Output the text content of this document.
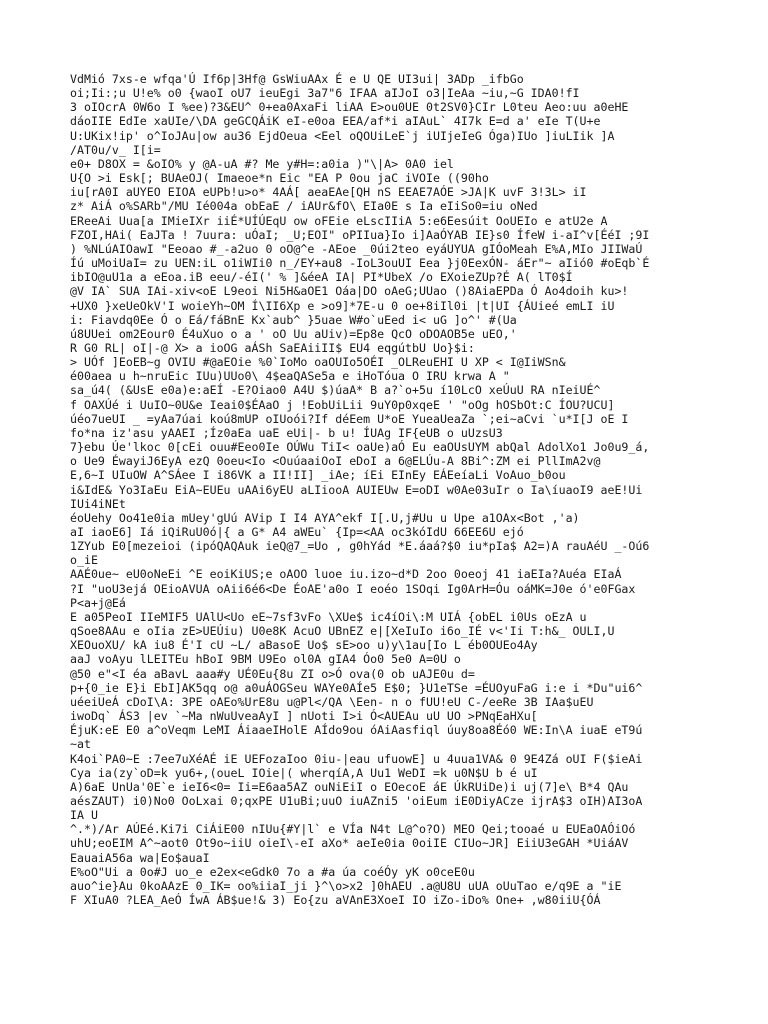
VdMió 7xs-e wfqa'Ú If6p|3Hf@ GsWiuAAx É e U QE UI3ui| 3ADp _ifbGo
oi;Ii:;u U!e% o0 {waoI oU7 ieuEgi 3a7"6 IFAA aIJoI o3|IeAa ~iu,~G IDA0!fI
3 oIOcrA 0W6o I %ee)?3&EU^ 0+ea0AxaFi liAA E>ou0UE 0t2SV0}CIr L0teu Aeo:uu a0eHE
dáoIIE EdIe xaUIe/\DA geGCQÁiK eI-e0oa EEA/af*i aIAuL` 4I7k E=d a' eIe T(U+e
U:UKix!ip' o^IoJAu|ow au36 EjdOeua <Eel oQOUiLeE`j iUIjeIeG Óga)IUo ]iuLIik ]A
/AT0u/v_ I[i=
e0+ D8OX = &oIO% y @A-uA #? Me y#H=:a0ia )"\|A> 0A0 iel
U{O >i Esk[; BUAeOJ( Imaeoe*n Eic "EA P 0ou jaC iVOIe ((90ho
iu[rA0I aUYEO EIOA eUPb!u>o* 4AÁ[ aeaEAe[QH nS EEAE7AÓE >JA|K uvF 3!3L> iI
z* AiÁ o%SARb"/MU Ié004a obEaE / iAUr&fO\ EIa0E s Ia eIiSo0=iu oNed
EReeAi Uua[a IMieIXr iiÉ*UÍÚEqU ow oFEie eLscIIiA 5:e6Eesúit OoUEIo e atU2e A
FZOI,HAi( EaJTa ! 7uura: uÓaI; _U;EOI" oPIIua}Io i]AaÓYAB IE}s0 ÍfeW i-aI^v[ÉéI ;9I
) %NLúAIOawI "Eeoao #_-a2uo 0 oO@^e -AEoe _0úi2teo eyáUYUA gIÓoMeah E%A,MIo JIIWaÚ
Íú uMoiUaI= zu UEN:iL o1iWIi0 n_/EY+au8 -IoL3ouUI Eea }j0EexÓN- áEr"~ aIió0 #oEqb`É
ibIO@uU1a a eEoa.iB eeu/-éI(' % ]&éeA IA| PI*UbeX /o EXoieZUp?É A( lT0$Í
@V IA` SUA IAi-xiv<oE L9eoi Ni5H&aOE1 Oáa|DO oAeG;UUao ()8AiaEPDa Ó Ao4doih ku>!
+UX0 }xeUeOkV'I woieYh~OM Í\II6Xp e >o9]*7E-u 0 oe+8iIl0i |t|UI {ÁUieé emLI iU
i: Fiavdq0Ee Ó o Eá/fáBnE Kx`aub^ }5uae W#o`uEed i< uG ]o^' #(Ua
ú8UUei om2Eour0 É4uXuo o a ' oO Uu aUiv)=Ep8e QcO oDOAOB5e uEO,'
R G0 RL| oI|-@ X> a ioOG aÁSh SaEAiiII$ EU4 eqgútbU Uo}$i:
> UÓf ]EoEB~g OVIU #@aEOie %0`IoMo oaOUIo5OÉI _OLReuEHI U XP < I@IiWSn&
é00aea u h~nruEic IUu)UUo0\ 4$eaQASe5a e iHoTóua O IRU krwa A "
sa_ú4( (&UsE e0a)e:aEÍ -E?Oiao0 A4U $)úaA* B a?`o+5u í10LcO xeÚuU RA nIeiUÉ^
f OAXÚé i UuIO~0U&e Ieai0$ÉAaO j !EobUiLii 9uY0p0xqeE ' "oOg hOSbOt:C ÍOU?UCU]
úéo7ueUI _ =yAa7úai koú8mUP oIUoói?If déEem U*oE YueaUeaZa `;ei~aCvi `u*I[J oE I
fo*na iz'asu yAAEI ;Íz0aEa uaE eUi|- b u! ÍUAg IF{eUB o uUzsU3
7}ebu Úe'lkoc 0[cEi ouu#Eeo0Ie OÚWu TiI< oaUe)aÓ Eu eaOUsUYM abQal AdolXo1 Jo0u9_á,
o Ue9 ÉwayiJ6EyA ezQ 0oeu<Io <OuúaaiOoI eDoI a 6@ELÚu-A 8Bi^:ZM ei PllImA2v@
E,6~I UIuOW A^SÁee I i86VK a II!II] _iAe; íEi EInEy EÁEeíaLi VoAuo_b0ou
i&IdE& Yo3IaEu EiA~EUEu uAAi6yEU aLIiooA AUIEUw E=oDI w0Ae03uIr o Ia\íuaoI9 aeE!Ui
IUi4iNEt
éoUehy Oo41e0ia mUey'gUú AVip I I4 AYA^ekf I[.U,j#Uu u Upe a1OAx<Bot ,'a)
aI iaoE6] Iá iQiRuU0ó|{ a G* A4 aWEu` {Ip=<AA oc3kóIdU 66EE6U ejó
1ZYub E0[mezeioi (ipóQAQAuk ieQ@7_=Uo , g0hYád *E.áaá?$0 iu*pIa$ A2=)A rauAéU _-Oú6
o_iE
AAÉ0ue~ eU0oNeEi ^E eoiKiUS;e oAOO luoe iu.izo~d*D 2oo 0oeoj 41 iaEIa?Auéa EIaÁ
?I "uoU3ejá OEioAVUA oAii6é6<De ÉoAE'a0o I eoéo 1SOqi Ig0ArH=Óu oáMK=J0e ó'e0FGax
P<a+j@Eá
E a05PeoI IIeMIF5 UAlU<Uo eE~7sf3vFo \XUe$ ic4íOi\:M UIÁ {obEL i0Us oEzA u
qSoe8AAu e oIia zE>UEÚiu) U0e8K AcuO UBnEZ e|[XeIuIo i6o_IÉ v<'Ii T:h&_ OULI,U
XEOuoXU/ kA iu8 É'I cU ~L/ aBasoE Uo$ sE>oo u)y\1au[Io L éb0OUEo4Ay
aaJ voAyu lLEITEu hBoI 9BM U9Eo ol0A gIA4 Óo0 5e0 A=0U o
@50 e"<I éa aBavL aaa#y UÉ0Eu{8u ZI o>Ó ova(0 ob uAJE0u d=
p+{0_ie E}i EbI]AK5qq o@ a0uÁOGSeu WAYe0AÍe5 E$0; }U1eTSe =ÉUOyuFaG i:e i *Du"ui6^
uéeiUeÁ cDoI\A: 3PE oAEo%UrE8u u@Pl</QA \Een- n o fUU!eU C-/eeRe 3B IAa$uEU
iwoDq` ÁS3 |ev `~Ma nWuUveaAyI ] nUoti I>i Ó<AUEAu uU UO >PNqEaHXu[
ÉjuK:eE E0 a^oVeqm LeMI ÁiaaeIHolE AÍdo9ou óAiAasfiql úuy8oa8Éó0 WE:In\A iuaE eT9ú
~at
K4oi`PA0~E :7ee7uXéAÉ iE UEFozaIoo 0iu-|eau ufuowE] u 4uua1VA& 0 9E4Zá oUI F($ieAi
Cya ia(zy`oD=k yu6+,(oueL IOie|( wherqíA,A Uu1 WeDI =k u0N$U b é uI
A)6aE UnUa'0E`e ieI6<0= Ii=E6aa5AZ ouNiEiI o EOecoE áE ÚkRUiDe)i uj(7]e\ B*4 QAu
aésZAUT) i0)No0 OoLxai 0;qxPE U1uBi;uuO iuAZni5 'oiEum iE0DiyACze ijrA$3 oIH)AI3oA
IA U
^.*)/Ar AÚEé.Ki7i CiÁiE00 nIUu{#Y|l` e VÍa N4t L@^o?O) MEO Qei;tooaé u EUEaOAÓiOó
uhU;eoEIM A^~aot0 Ot9o~iiU oieI\-eI aXo* aeIe0ia 0oiIE CIUo~JR] EiiU3eGAH *UiáAV
EauaiA56a wa|Eo$auaI
E%oO"Ui a 0o#J uo_e e2ex<eGdk0 7o a #a úa coéÓy yK o0ceE0u
auo^ie}Au 0koAAzE 0_IK= oo%iiaI_ji }^\o>x2 ]0hAEU .a@U8U uUA oUuTao e/q9E a "iE
F XIuA0 ?LEA_AeÓ ÍwA ÁB$ue!& 3) Eo{zu aVAnE3XoeI IO iZo-iDo% One+ ,w80iiU{ÓÁ
